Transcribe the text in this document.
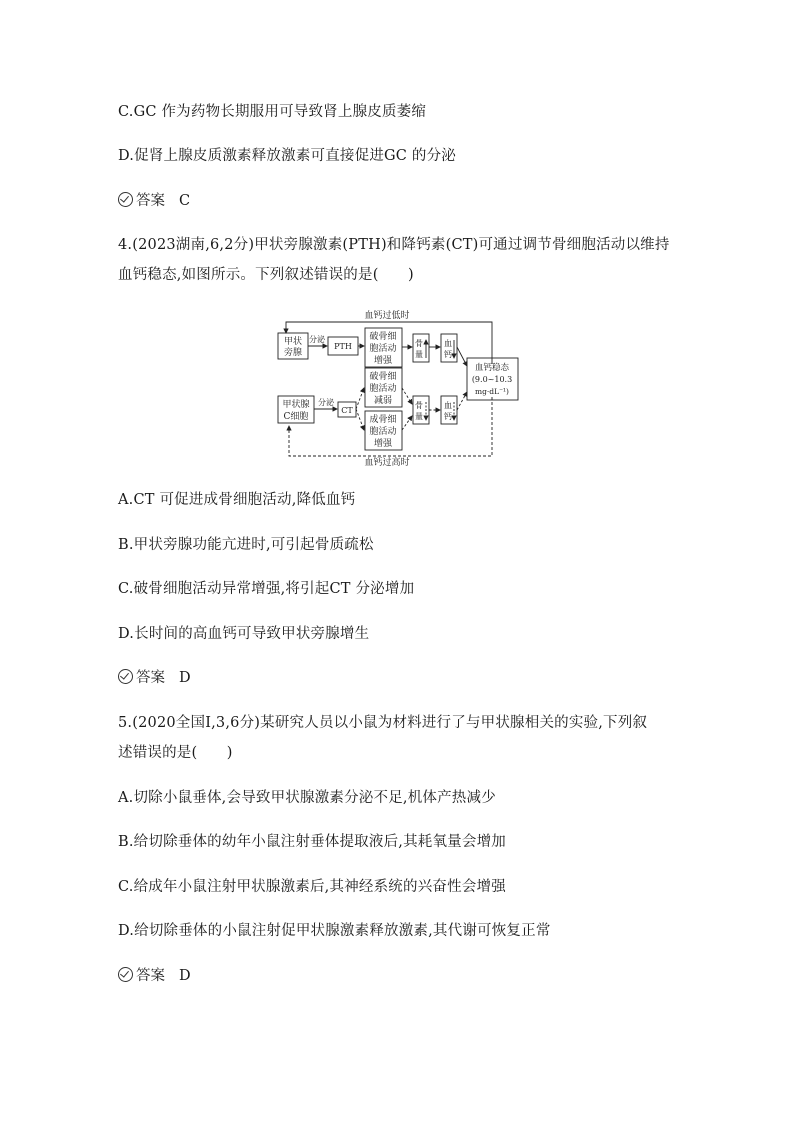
C.GC 作为药物长期服用可导致肾上腺皮质萎缩
D.促肾上腺皮质激素释放激素可直接促进GC 的分泌
答案 C
4.(2023湖南,6,2分)甲状旁腺激素(PTH)和降钙素(CT)可通过调节骨细胞活动以维持
血钙稳态,如图所示。下列叙述错误的是(　　)
血钙过低时
血钙过高时
甲状
旁腺
分泌
PTH
破骨细
胞活动
增强
骨
量
血
钙
血钙稳态
(9.0~10.3
mg·dL⁻¹)
甲状腺
C细胞
分泌
CT
破骨细
胞活动
减弱
成骨细
胞活动
增强
骨
量
血
钙
A.CT 可促进成骨细胞活动,降低血钙
B.甲状旁腺功能亢进时,可引起骨质疏松
C.破骨细胞活动异常增强,将引起CT 分泌增加
D.长时间的高血钙可导致甲状旁腺增生
答案 D
5.(2020全国Ⅰ,3,6分)某研究人员以小鼠为材料进行了与甲状腺相关的实验,下列叙
述错误的是(　　)
A.切除小鼠垂体,会导致甲状腺激素分泌不足,机体产热减少
B.给切除垂体的幼年小鼠注射垂体提取液后,其耗氧量会增加
C.给成年小鼠注射甲状腺激素后,其神经系统的兴奋性会增强
D.给切除垂体的小鼠注射促甲状腺激素释放激素,其代谢可恢复正常
答案 D
